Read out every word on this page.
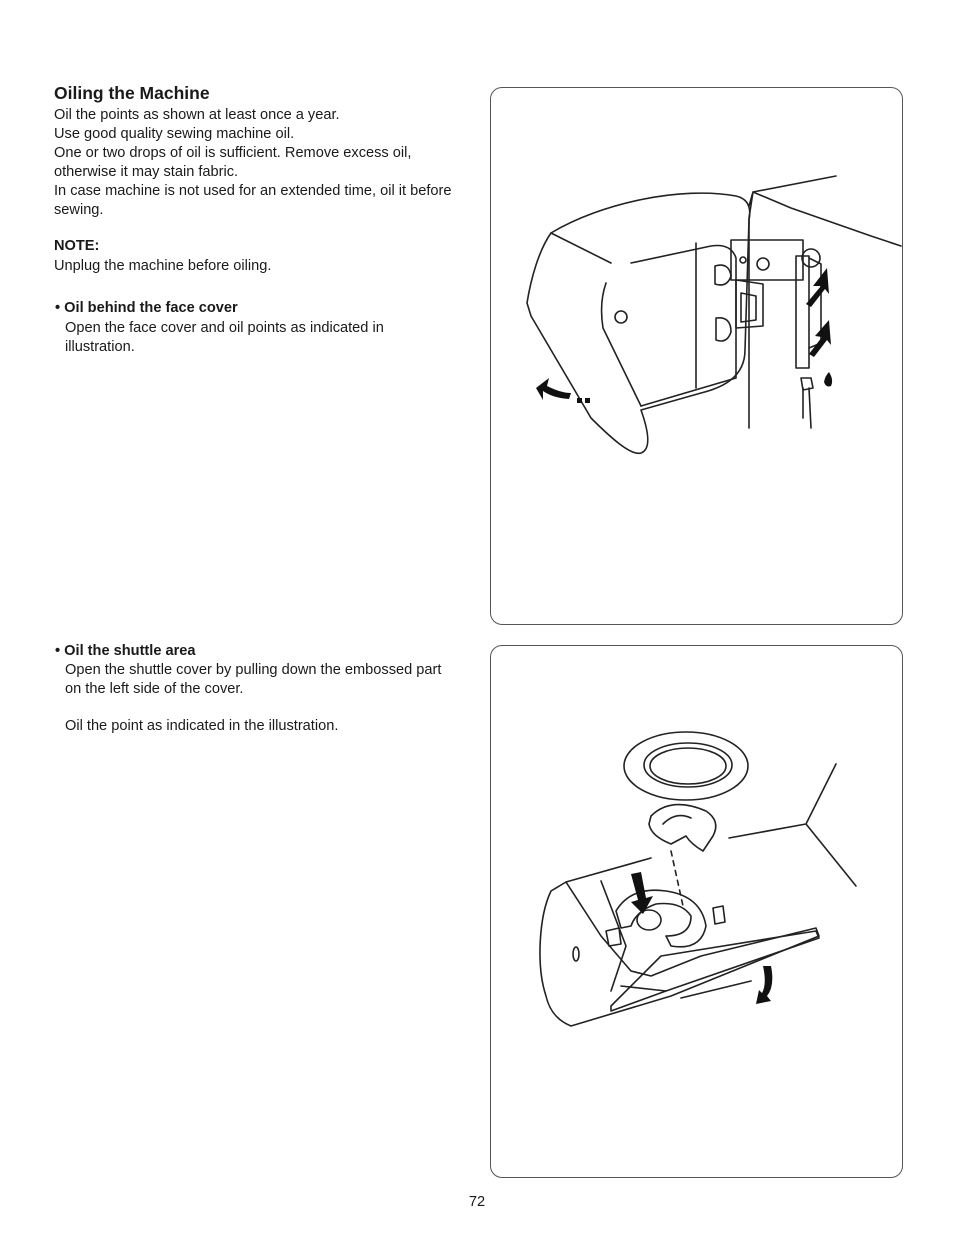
Oiling the Machine

Oil the points as shown at least once a year.

Use good quality sewing machine oil.

One or two drops of oil is sufficient. Remove excess oil, otherwise it may stain fabric.

In case machine is not used for an extended time, oil it before sewing.

NOTE:
Unplug the machine before oiling.
• Oil behind the face cover

Open the face cover and oil points as indicated in illustration.

• Oil the shuttle area

Open the shuttle cover by pulling down the embossed part on the left side of the cover.

Oil the point as indicated in the illustration.

72
